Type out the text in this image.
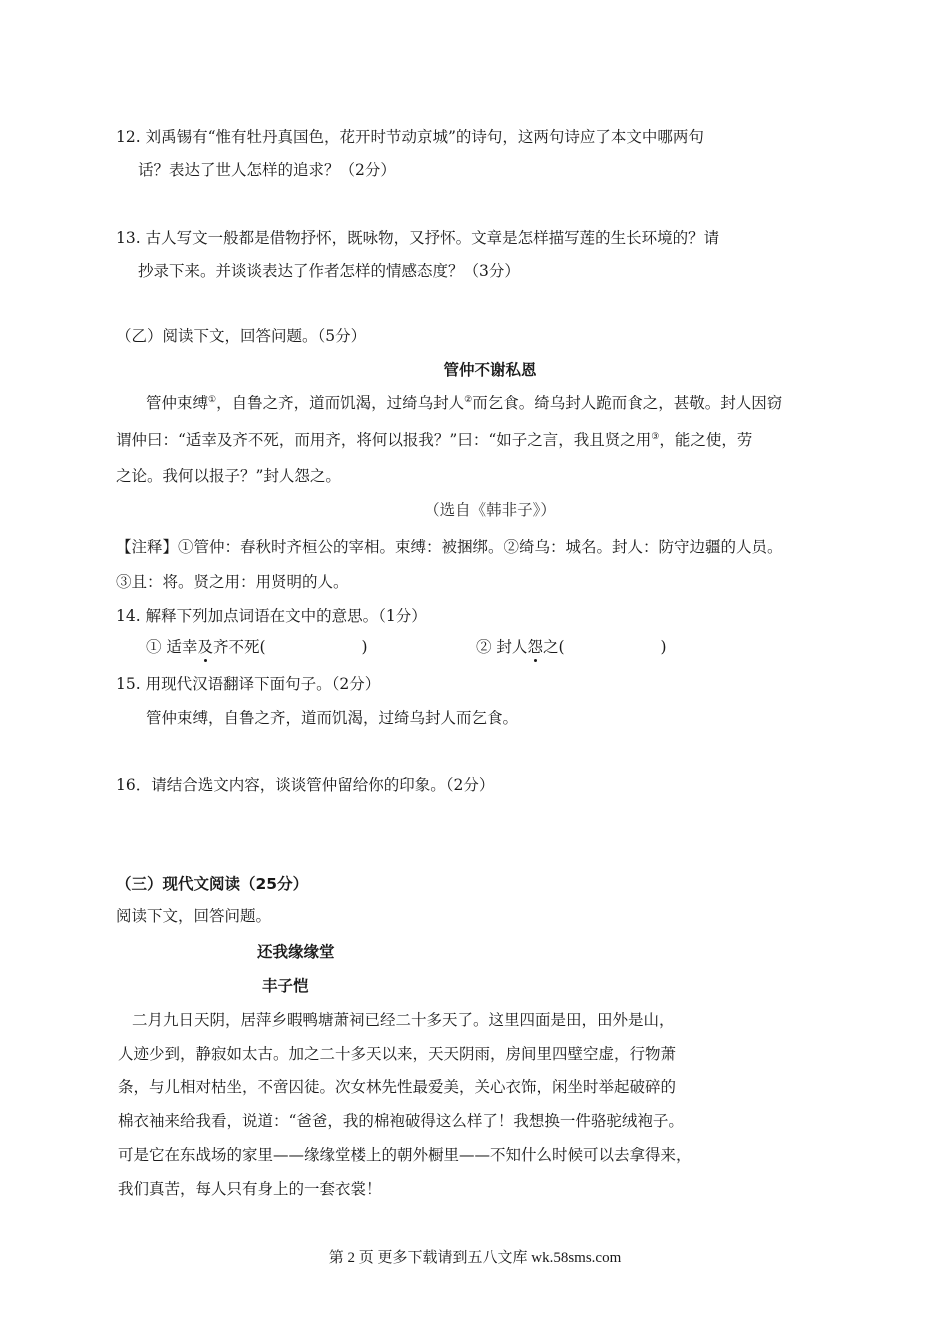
12. 刘禹锡有“惟有牡丹真国色，花开时节动京城”的诗句，这两句诗应了本文中哪两句
话？表达了世人怎样的追求？（2分）
13. 古人写文一般都是借物抒怀，既咏物，又抒怀。文章是怎样描写莲的生长环境的？请
抄录下来。并谈谈表达了作者怎样的情感态度？（3分）
（乙）阅读下文，回答问题。（5分）
管仲不谢私恩
管仲束缚①，自鲁之齐，道而饥渴，过绮乌封人②而乞食。绮乌封人跪而食之，甚敬。封人因窃
谓仲曰：“适幸及齐不死，而用齐，将何以报我？”曰：“如子之言，我且贤之用③，能之使，劳
之论。我何以报子？”封人怨之。
（选自《韩非子》）
【注释】①管仲：春秋时齐桓公的宰相。束缚：被捆绑。②绮乌：城名。封人：防守边疆的人员。
③且：将。贤之用：用贤明的人。
14. 解释下列加点词语在文中的意思。（1分）
① 适幸及齐不死(	)	② 封人怨之(	)
15. 用现代汉语翻译下面句子。（2分）
管仲束缚，自鲁之齐，道而饥渴，过绮乌封人而乞食。
16．请结合选文内容，谈谈管仲留给你的印象。（2分）
（三）现代文阅读（25分）
阅读下文，回答问题。
还我缘缘堂
丰子恺
二月九日天阴，居萍乡暇鸭塘萧祠已经二十多天了。这里四面是田，田外是山，
人迹少到，静寂如太古。加之二十多天以来，天天阴雨，房间里四壁空虚，行物萧
条，与儿相对枯坐，不啻囚徒。次女林先性最爱美，关心衣饰，闲坐时举起破碎的
棉衣袖来给我看，说道：“爸爸，我的棉袍破得这么样了！我想换一件骆驼绒袍子。
可是它在东战场的家里——缘缘堂楼上的朝外橱里——不知什么时候可以去拿得来，
我们真苦，每人只有身上的一套衣裳！
第 2 页 更多下载请到五八文库 wk.58sms.com
